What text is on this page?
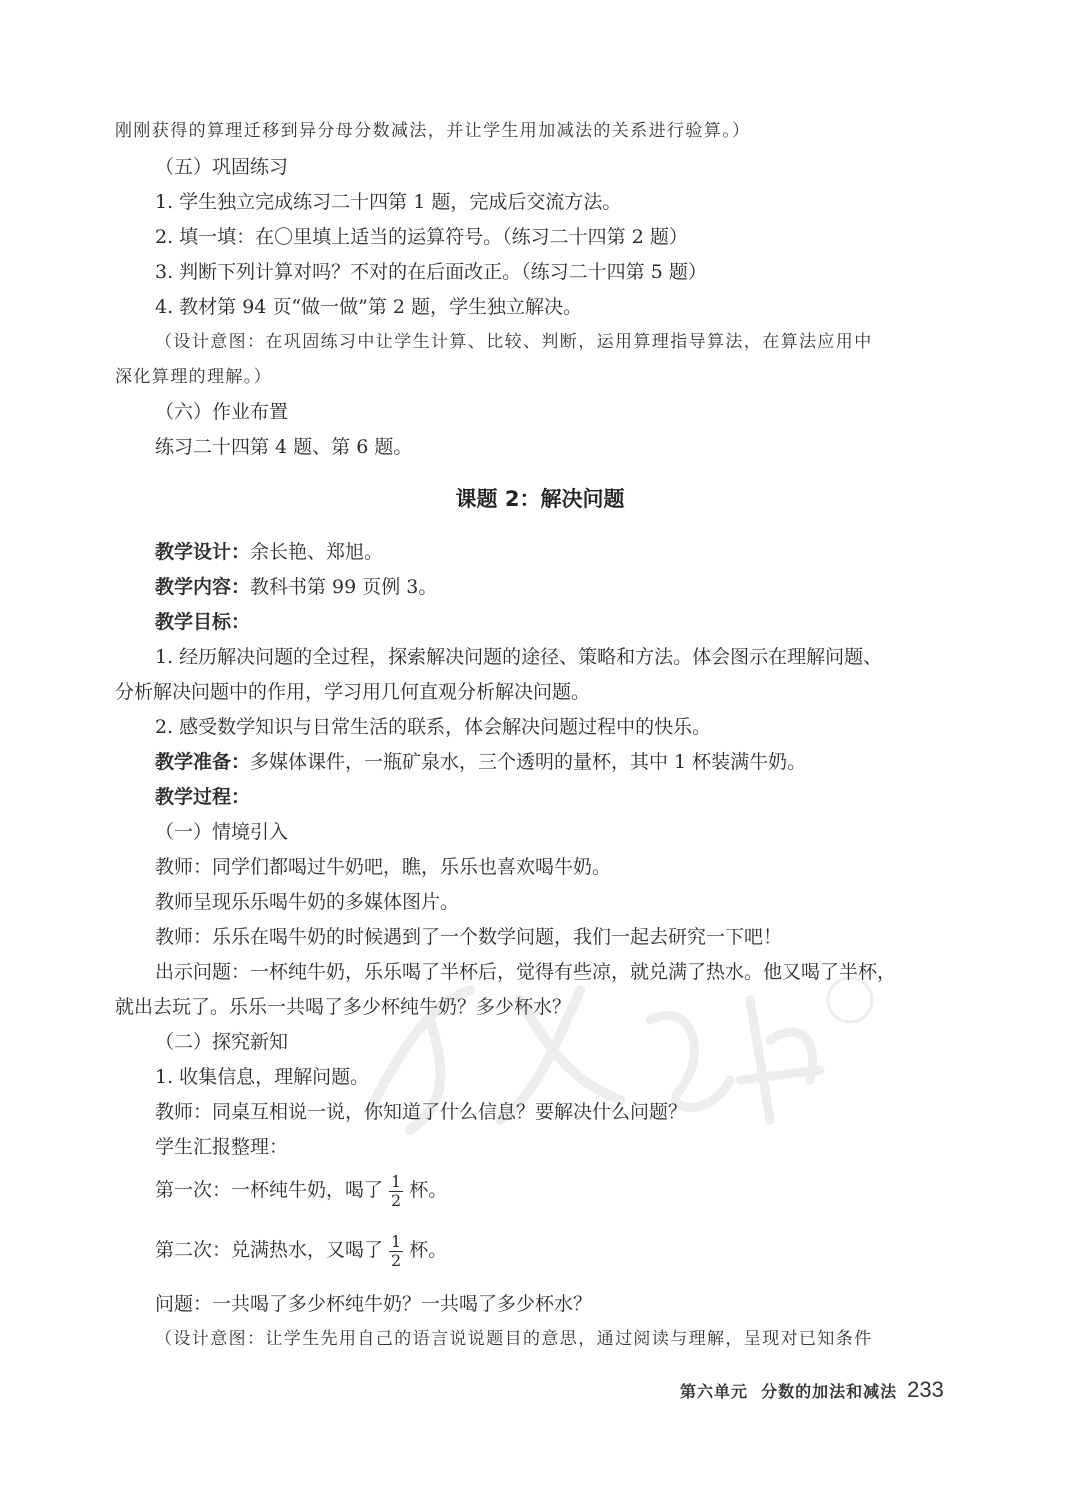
刚刚获得的算理迁移到异分母分数减法，并让学生用加减法的关系进行验算。）
（五）巩固练习
1. 学生独立完成练习二十四第 1 题，完成后交流方法。
2. 填一填：在〇里填上适当的运算符号。（练习二十四第 2 题）
3. 判断下列计算对吗？不对的在后面改正。（练习二十四第 5 题）
4. 教材第 94 页“做一做”第 2 题，学生独立解决。
（设计意图：在巩固练习中让学生计算、比较、判断，运用算理指导算法，在算法应用中
深化算理的理解。）
（六）作业布置
练习二十四第 4 题、第 6 题。
课题 2：解决问题
教学设计：余长艳、郑旭。
教学内容：教科书第 99 页例 3。
教学目标：
1. 经历解决问题的全过程，探索解决问题的途径、策略和方法。体会图示在理解问题、
分析解决问题中的作用，学习用几何直观分析解决问题。
2. 感受数学知识与日常生活的联系，体会解决问题过程中的快乐。
教学准备：多媒体课件，一瓶矿泉水，三个透明的量杯，其中 1 杯装满牛奶。
教学过程：
（一）情境引入
教师：同学们都喝过牛奶吧，瞧，乐乐也喜欢喝牛奶。
教师呈现乐乐喝牛奶的多媒体图片。
教师：乐乐在喝牛奶的时候遇到了一个数学问题，我们一起去研究一下吧！
出示问题：一杯纯牛奶，乐乐喝了半杯后，觉得有些凉，就兑满了热水。他又喝了半杯，
就出去玩了。乐乐一共喝了多少杯纯牛奶？多少杯水？
（二）探究新知
1. 收集信息，理解问题。
教师：同桌互相说一说，你知道了什么信息？要解决什么问题？
学生汇报整理：
第一次：一杯纯牛奶，喝了 $\frac{1}{2}$ 杯。
第二次：兑满热水，又喝了 $\frac{1}{2}$ 杯。
问题：一共喝了多少杯纯牛奶？一共喝了多少杯水？
（设计意图：让学生先用自己的语言说说题目的意思，通过阅读与理解，呈现对已知条件
第六单元 分数的加法和减法 233
